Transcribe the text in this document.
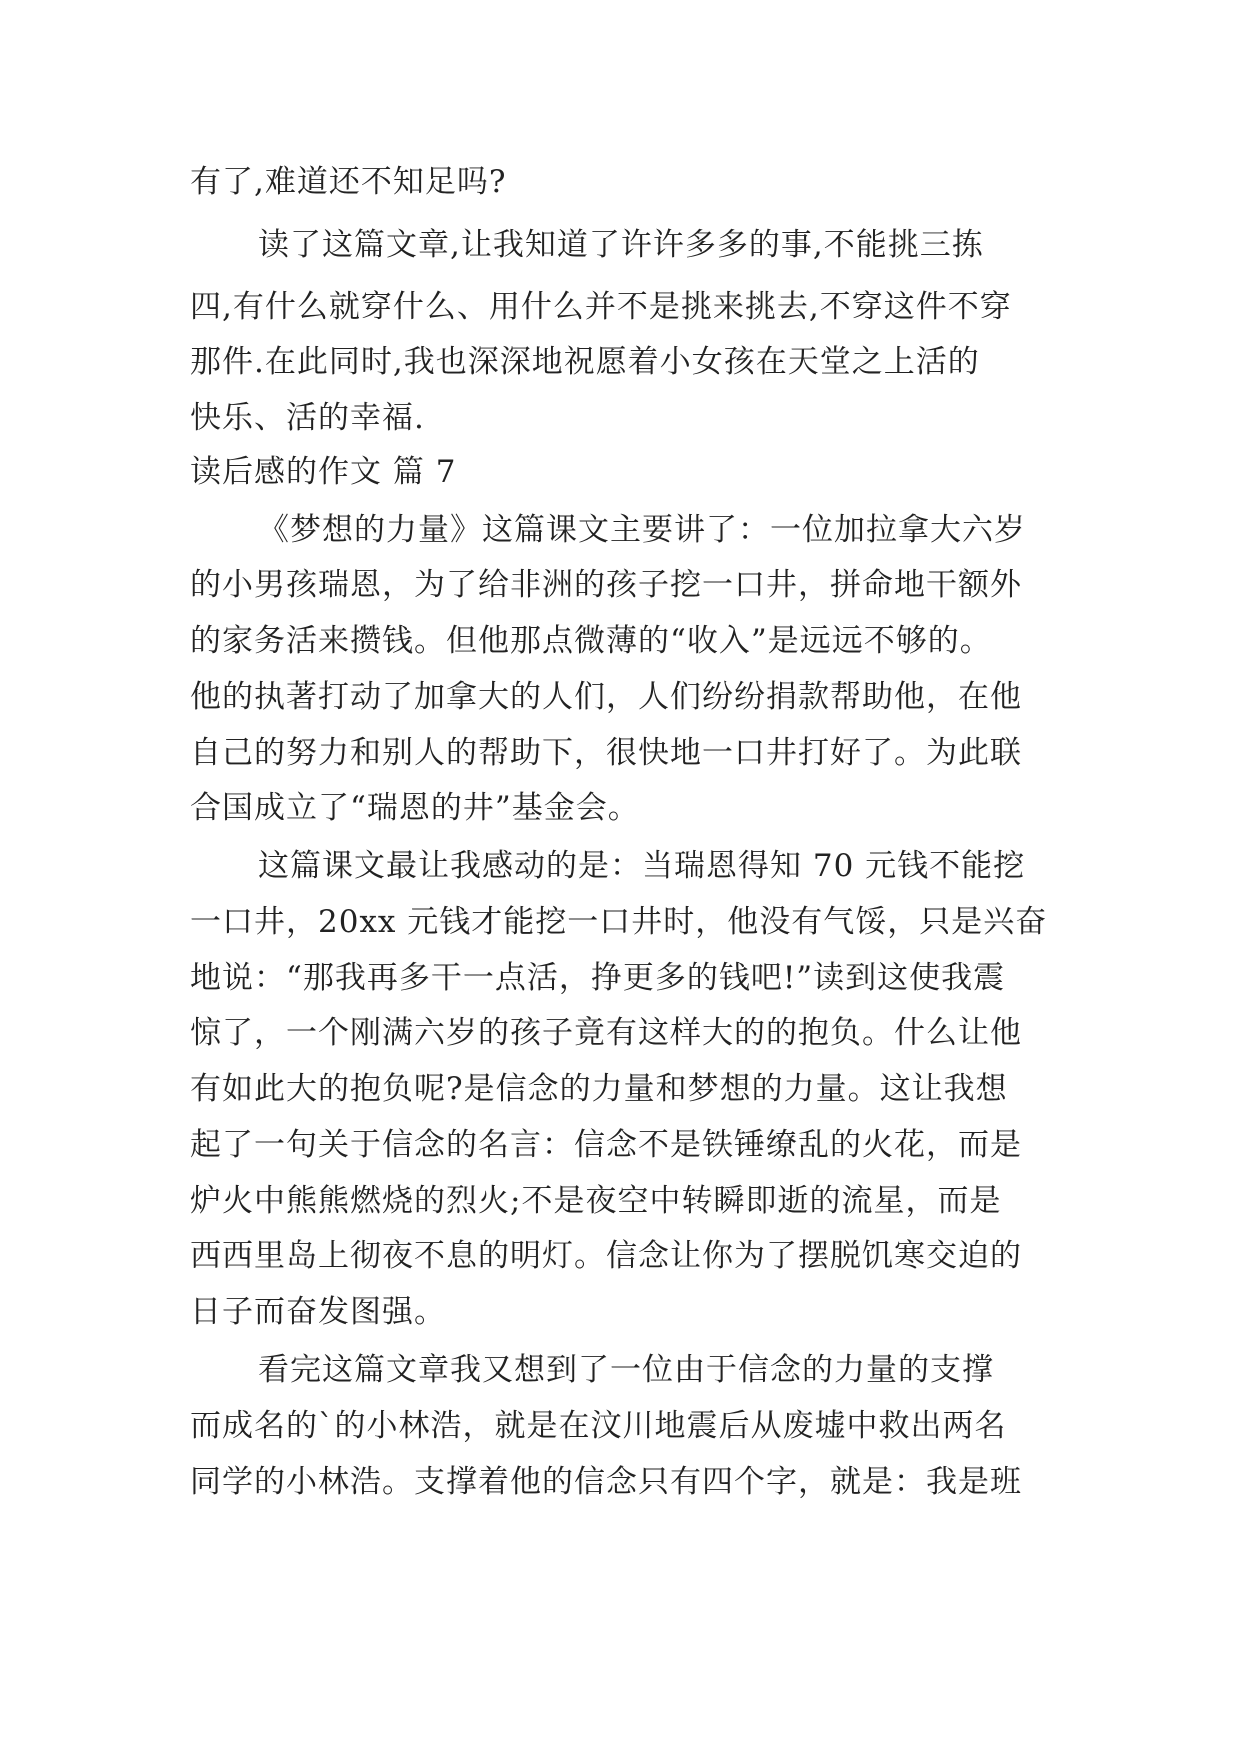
有了,难道还不知足吗?
读了这篇文章,让我知道了许许多多的事,不能挑三拣
四,有什么就穿什么、用什么并不是挑来挑去,不穿这件不穿
那件.在此同时,我也深深地祝愿着小女孩在天堂之上活的
快乐、活的幸福.
读后感的作文 篇 7
《梦想的力量》这篇课文主要讲了：一位加拉拿大六岁
的小男孩瑞恩，为了给非洲的孩子挖一口井，拼命地干额外
的家务活来攒钱。但他那点微薄的“收入”是远远不够的。
他的执著打动了加拿大的人们，人们纷纷捐款帮助他，在他
自己的努力和别人的帮助下，很快地一口井打好了。为此联
合国成立了“瑞恩的井”基金会。
这篇课文最让我感动的是：当瑞恩得知 70 元钱不能挖
一口井，20xx 元钱才能挖一口井时，他没有气馁，只是兴奋
地说：“那我再多干一点活，挣更多的钱吧!”读到这使我震
惊了，一个刚满六岁的孩子竟有这样大的的抱负。什么让他
有如此大的抱负呢?是信念的力量和梦想的力量。这让我想
起了一句关于信念的名言：信念不是铁锤缭乱的火花，而是
炉火中熊熊燃烧的烈火;不是夜空中转瞬即逝的流星，而是
西西里岛上彻夜不息的明灯。信念让你为了摆脱饥寒交迫的
日子而奋发图强。
看完这篇文章我又想到了一位由于信念的力量的支撑
而成名的`的小林浩，就是在汶川地震后从废墟中救出两名
同学的小林浩。支撑着他的信念只有四个字，就是：我是班
